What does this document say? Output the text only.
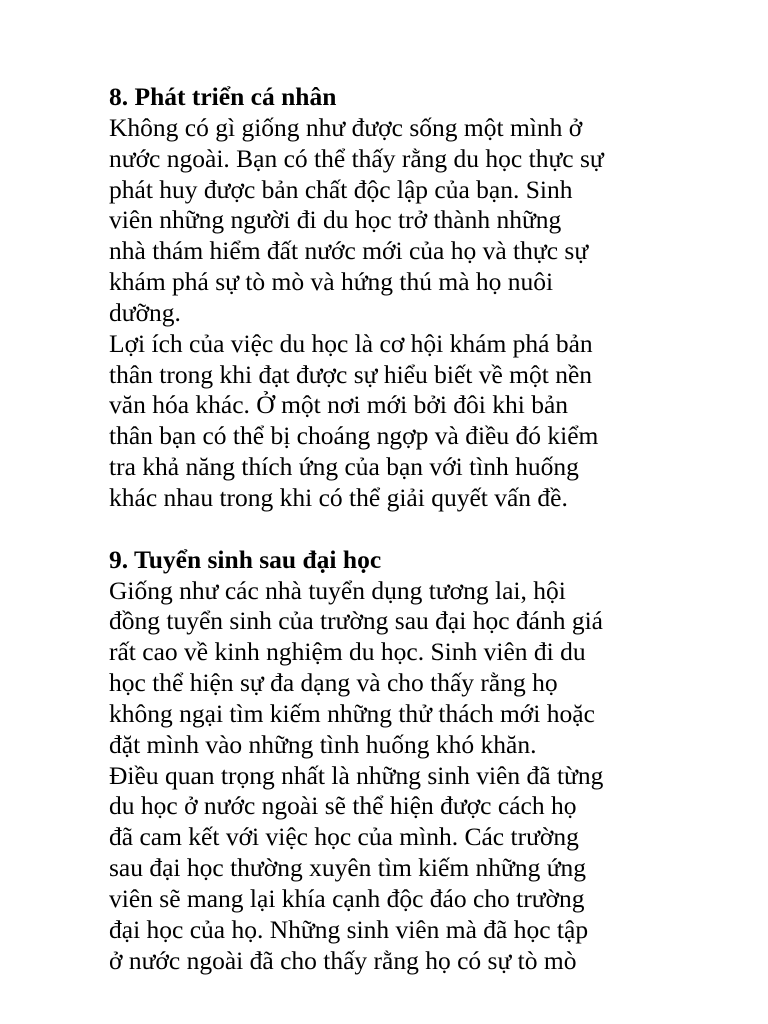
8. Phát triển cá nhân
Không có gì giống như được sống một mình ở
nước ngoài. Bạn có thể thấy rằng du học thực sự
phát huy được bản chất độc lập của bạn. Sinh
viên những người đi du học trở thành những
nhà thám hiểm đất nước mới của họ và thực sự
khám phá sự tò mò và hứng thú mà họ nuôi
dưỡng.
Lợi ích của việc du học là cơ hội khám phá bản
thân trong khi đạt được sự hiểu biết về một nền
văn hóa khác. Ở một nơi mới bởi đôi khi bản
thân bạn có thể bị choáng ngợp và điều đó kiểm
tra khả năng thích ứng của bạn với tình huống
khác nhau trong khi có thể giải quyết vấn đề.
9. Tuyển sinh sau đại học
Giống như các nhà tuyển dụng tương lai, hội
đồng tuyển sinh của trường sau đại học đánh giá
rất cao về kinh nghiệm du học. Sinh viên đi du
học thể hiện sự đa dạng và cho thấy rằng họ
không ngại tìm kiếm những thử thách mới hoặc
đặt mình vào những tình huống khó khăn.
Điều quan trọng nhất là những sinh viên đã từng
du học ở nước ngoài sẽ thể hiện được cách họ
đã cam kết với việc học của mình. Các trường
sau đại học thường xuyên tìm kiếm những ứng
viên sẽ mang lại khía cạnh độc đáo cho trường
đại học của họ. Những sinh viên mà đã học tập
ở nước ngoài đã cho thấy rằng họ có sự tò mò
